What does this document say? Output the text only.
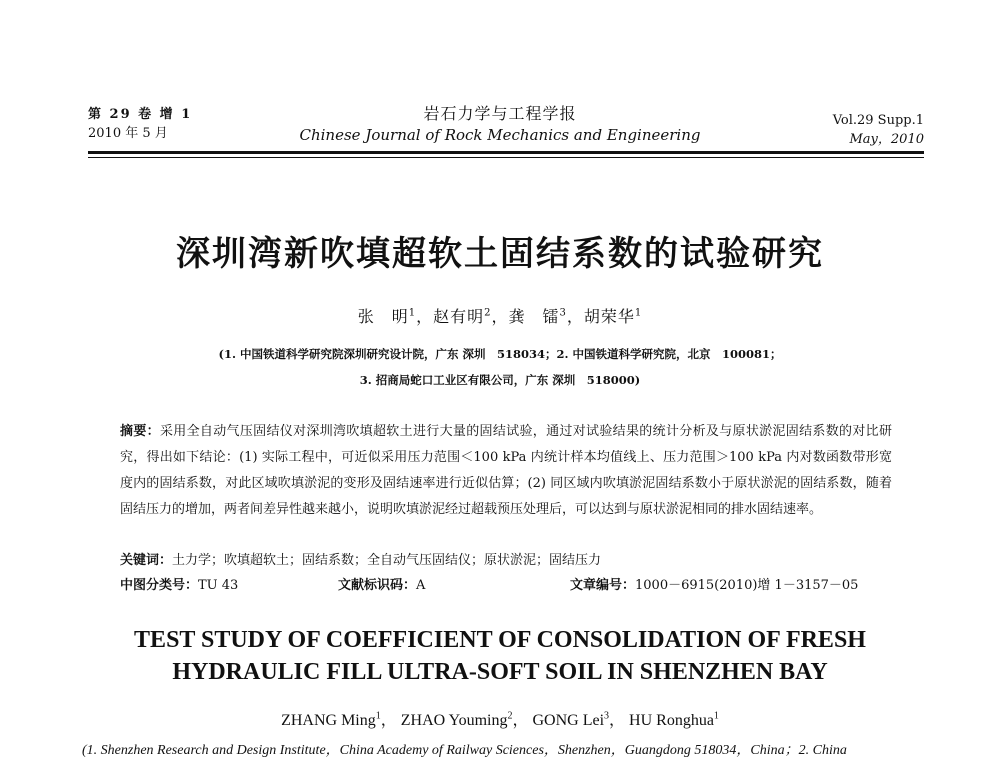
第 29 卷 增 1
2010 年 5 月
岩石力学与工程学报
Chinese Journal of Rock Mechanics and Engineering
Vol.29 Supp.1
May，2010
深圳湾新吹填超软土固结系数的试验研究
张　明$^1$，赵有明$^2$，龚　镭$^3$，胡荣华$^1$
(1. 中国铁道科学研究院深圳研究设计院，广东 深圳　518034；2. 中国铁道科学研究院，北京　100081；
3. 招商局蛇口工业区有限公司，广东 深圳　518000)
摘要：采用全自动气压固结仪对深圳湾吹填超软土进行大量的固结试验，通过对试验结果的统计分析及与原状淤泥固结系数的对比研究，得出如下结论：(1) 实际工程中，可近似采用压力范围＜100 kPa 内统计样本均值线上、压力范围＞100 kPa 内对数函数带形宽度内的固结系数，对此区域吹填淤泥的变形及固结速率进行近似估算；(2) 同区域内吹填淤泥固结系数小于原状淤泥的固结系数，随着固结压力的增加，两者间差异性越来越小，说明吹填淤泥经过超载预压处理后，可以达到与原状淤泥相同的排水固结速率。
关键词：土力学；吹填超软土；固结系数；全自动气压固结仪；原状淤泥；固结压力
中图分类号：TU 43	文献标识码：A	文章编号：1000－6915(2010)增 1－3157－05
TEST STUDY OF COEFFICIENT OF CONSOLIDATION OF FRESH
HYDRAULIC FILL ULTRA-SOFT SOIL IN SHENZHEN BAY
ZHANG Ming$^1$， ZHAO Youming$^2$， GONG Lei$^3$， HU Ronghua$^1$
(1. Shenzhen Research and Design Institute，China Academy of Railway Sciences，Shenzhen，Guangdong 518034，China；2. China
